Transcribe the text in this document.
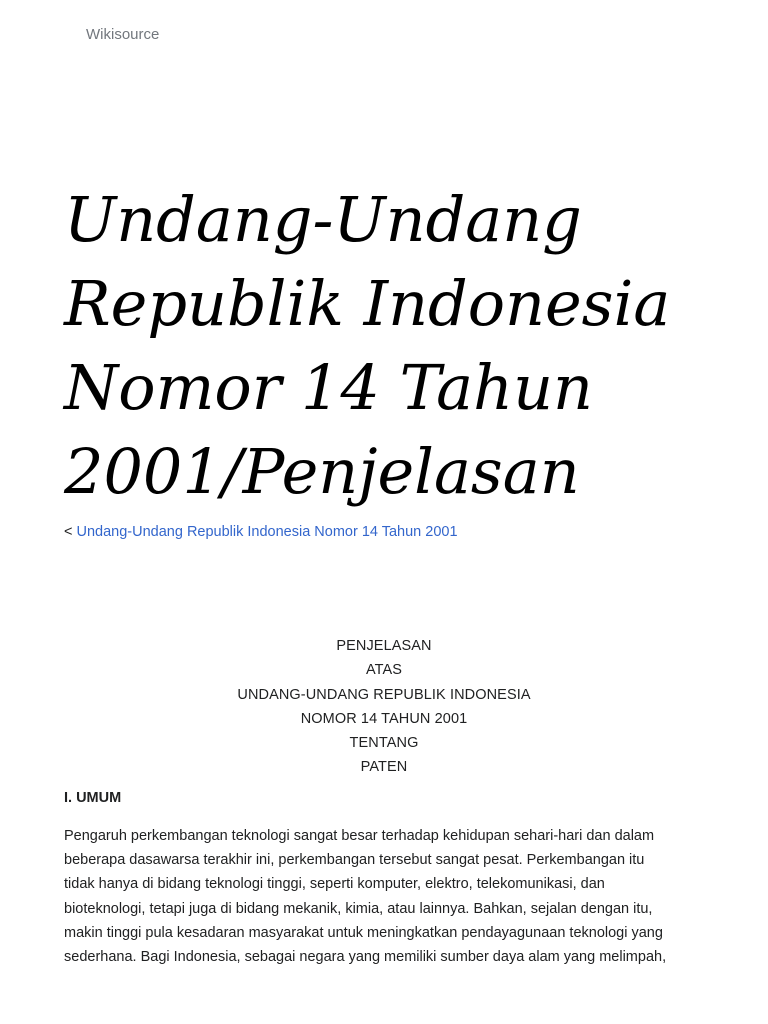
Wikisource
Undang-Undang
Republik Indonesia
Nomor 14 Tahun
2001/Penjelasan
< Undang-Undang Republik Indonesia Nomor 14 Tahun 2001
PENJELASAN
ATAS
UNDANG-UNDANG REPUBLIK INDONESIA
NOMOR 14 TAHUN 2001
TENTANG
PATEN
I. UMUM
Pengaruh perkembangan teknologi sangat besar terhadap kehidupan sehari-hari dan dalam
beberapa dasawarsa terakhir ini, perkembangan tersebut sangat pesat. Perkembangan itu
tidak hanya di bidang teknologi tinggi, seperti komputer, elektro, telekomunikasi, dan
bioteknologi, tetapi juga di bidang mekanik, kimia, atau lainnya. Bahkan, sejalan dengan itu,
makin tinggi pula kesadaran masyarakat untuk meningkatkan pendayagunaan teknologi yang
sederhana. Bagi Indonesia, sebagai negara yang memiliki sumber daya alam yang melimpah,
